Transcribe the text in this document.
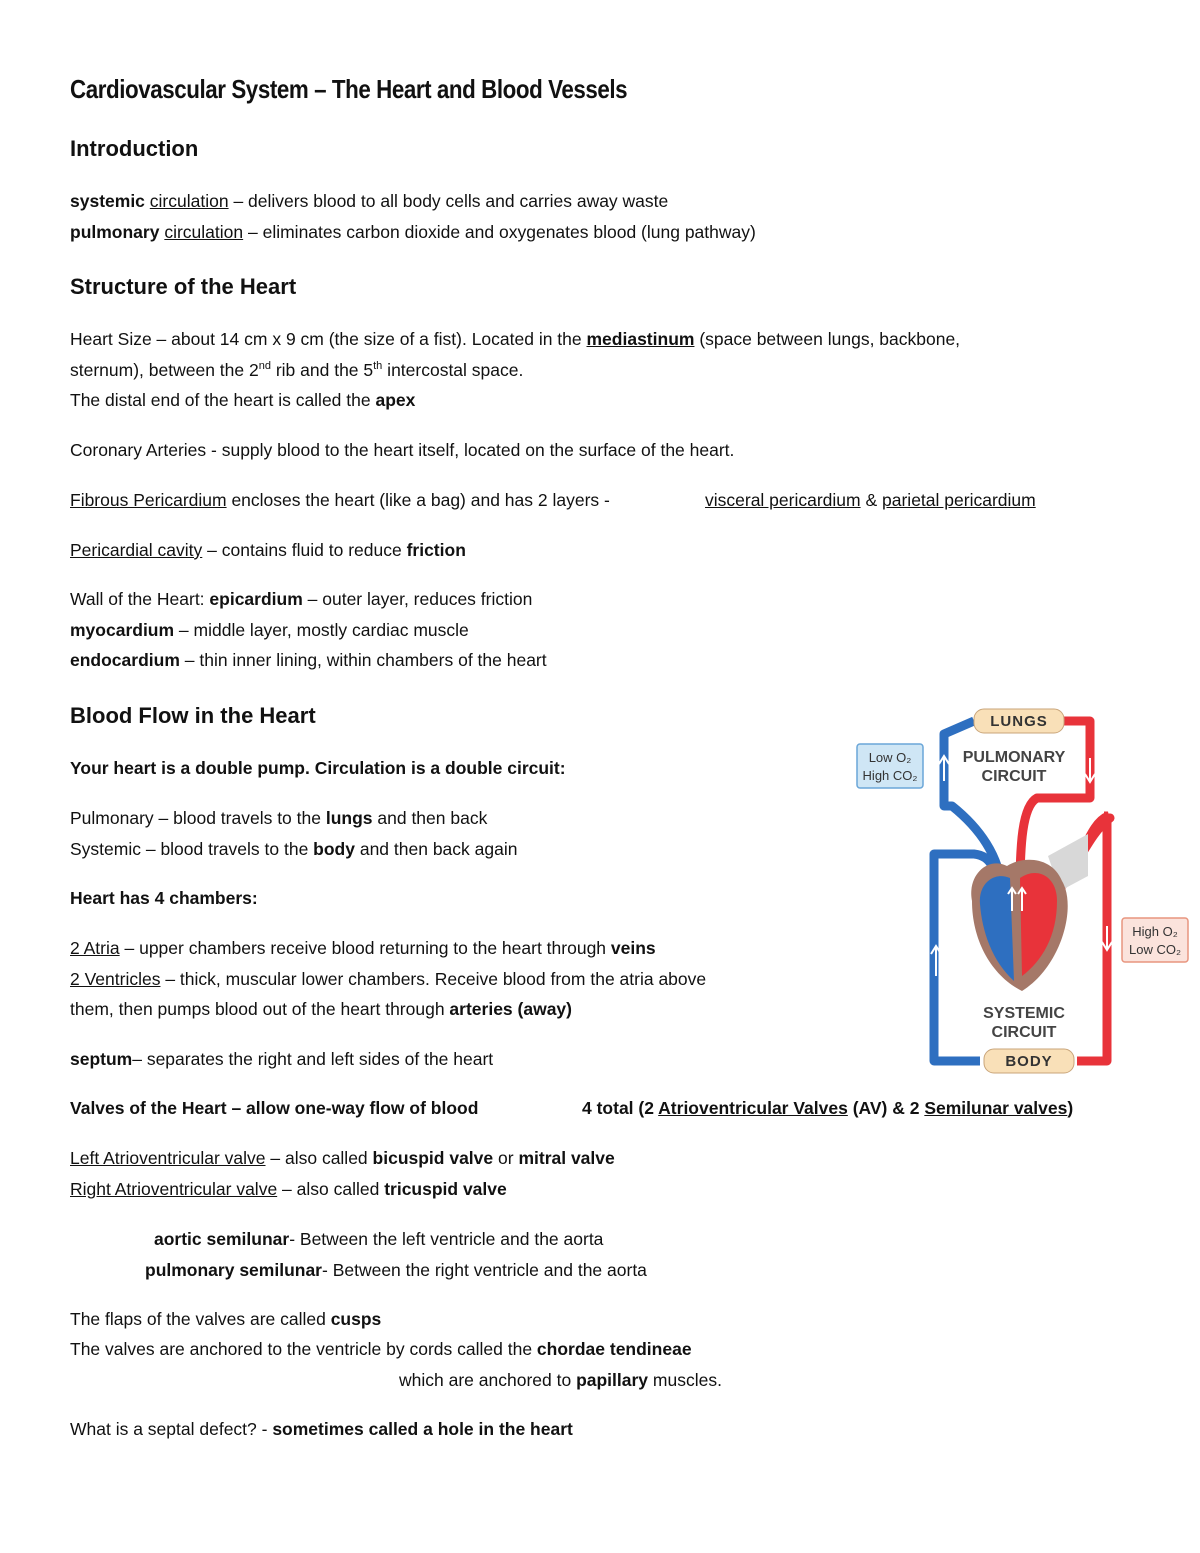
Cardiovascular System – The Heart and Blood Vessels
Introduction
systemic circulation – delivers blood to all body cells and carries away waste
pulmonary circulation – eliminates carbon dioxide and oxygenates blood (lung pathway)
Structure of the Heart
Heart Size – about 14 cm x 9 cm (the size of a fist). Located in the mediastinum (space between lungs, backbone,
sternum), between the 2nd rib and the 5th intercostal space.
The distal end of the heart is called the apex
Coronary Arteries - supply blood to the heart itself, located on the surface of the heart.
Fibrous Pericardium encloses the heart (like a bag) and has 2 layers -	visceral pericardium & parietal pericardium
Pericardial cavity – contains fluid to reduce friction
Wall of the Heart: epicardium – outer layer, reduces friction
myocardium – middle layer, mostly cardiac muscle
endocardium – thin inner lining, within chambers of the heart
Blood Flow in the Heart
Your heart is a double pump. Circulation is a double circuit:
Pulmonary – blood travels to the lungs and then back
Systemic – blood travels to the body and then back again
Heart has 4 chambers:
2 Atria – upper chambers receive blood returning to the heart through veins
2 Ventricles – thick, muscular lower chambers. Receive blood from the atria above
them, then pumps blood out of the heart through arteries (away)
septum– separates the right and left sides of the heart
Valves of the Heart – allow one-way flow of blood	4 total (2 Atrioventricular Valves (AV) & 2 Semilunar valves)
Left Atrioventricular valve – also called bicuspid valve or mitral valve
Right Atrioventricular valve – also called tricuspid valve
aortic semilunar- Between the left ventricle and the aorta
pulmonary semilunar- Between the right ventricle and the aorta
The flaps of the valves are called cusps
The valves are anchored to the ventricle by cords called the chordae tendineae
which are anchored to papillary muscles.
What is a septal defect? - sometimes called a hole in the heart
LUNGS
PULMONARY
CIRCUIT
Low O₂
High CO₂
High O₂
Low CO₂
SYSTEMIC
CIRCUIT
BODY
